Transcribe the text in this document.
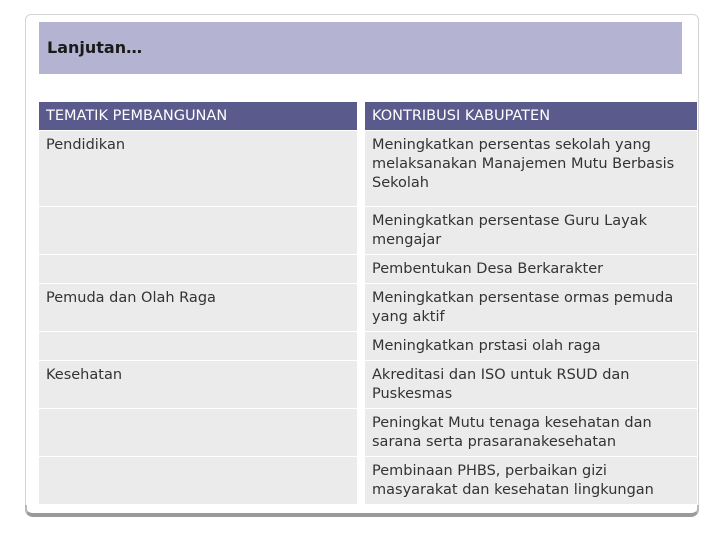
Lanjutan…
TEMATIK PEMBANGUNAN	KONTRIBUSI KABUPATEN
Pendidikan	Meningkatkan persentas sekolah yang melaksanakan Manajemen Mutu Berbasis Sekolah
	Meningkatkan persentase Guru Layak mengajar
	Pembentukan Desa Berkarakter
Pemuda dan Olah Raga	Meningkatkan persentase ormas pemuda yang aktif
	Meningkatkan prstasi olah raga
Kesehatan	Akreditasi dan ISO untuk RSUD dan Puskesmas
	Peningkat Mutu tenaga kesehatan dan sarana serta prasaranakesehatan
	Pembinaan PHBS, perbaikan gizi masyarakat dan kesehatan lingkungan
